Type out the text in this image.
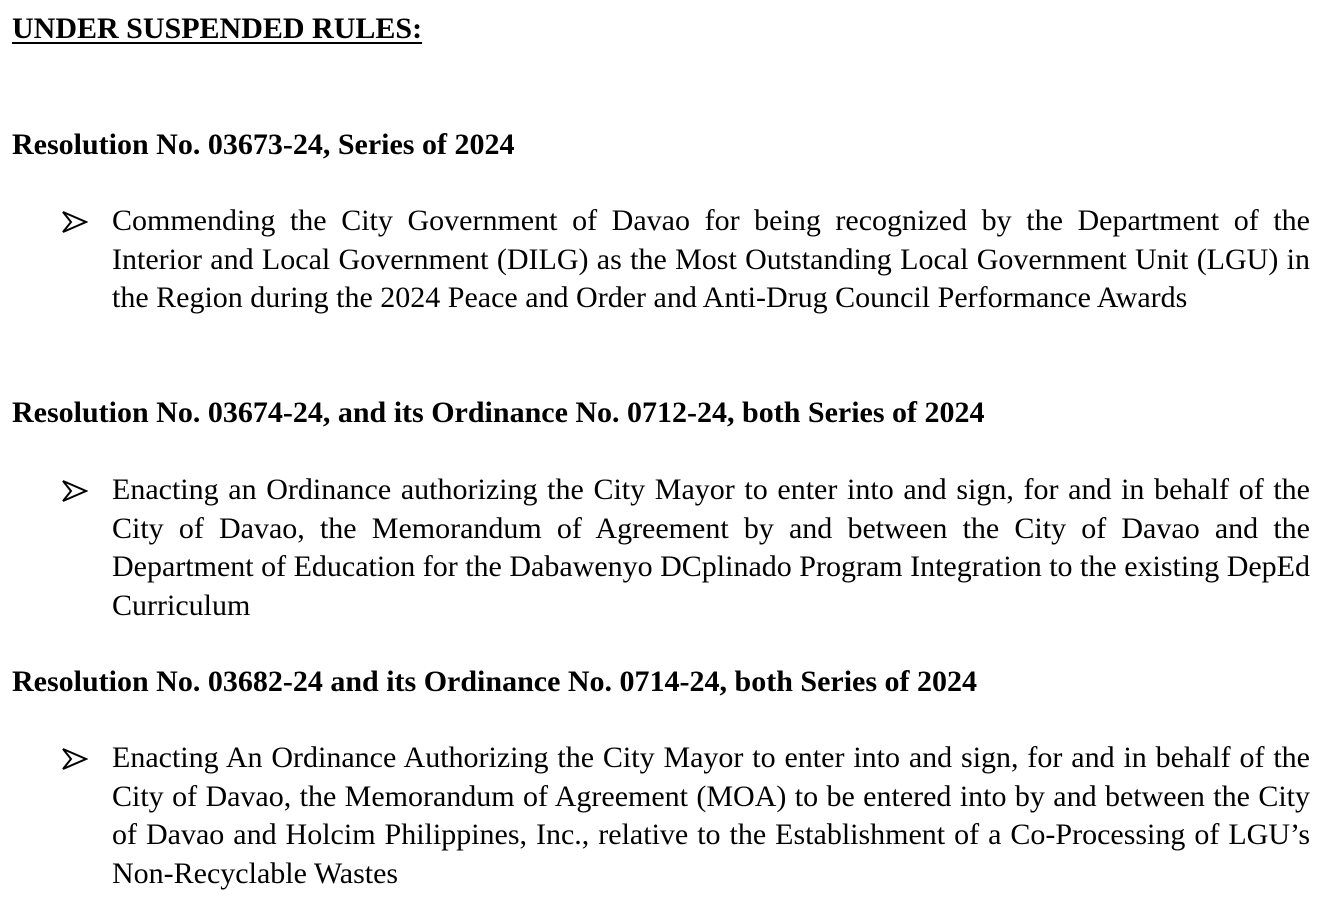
UNDER SUSPENDED RULES:
Resolution No. 03673-24, Series of 2024

Commending the City Government of Davao for being recognized by the Department of the Interior and Local Government (DILG) as the Most Outstanding Local Government Unit (LGU) in the Region during the 2024 Peace and Order and Anti-Drug Council Performance Awards

Resolution No. 03674-24, and its Ordinance No. 0712-24, both Series of 2024

Enacting an Ordinance authorizing the City Mayor to enter into and sign, for and in behalf of the City of Davao, the Memorandum of Agreement by and between the City of Davao and the Department of Education for the Dabawenyo DCplinado Program Integration to the existing DepEd Curriculum

Resolution No. 03682-24 and its Ordinance No. 0714-24, both Series of 2024

Enacting An Ordinance Authorizing the City Mayor to enter into and sign, for and in behalf of the City of Davao, the Memorandum of Agreement (MOA) to be entered into by and between the City of Davao and Holcim Philippines, Inc., relative to the Establishment of a Co-Processing of LGU’s Non-Recyclable Wastes
